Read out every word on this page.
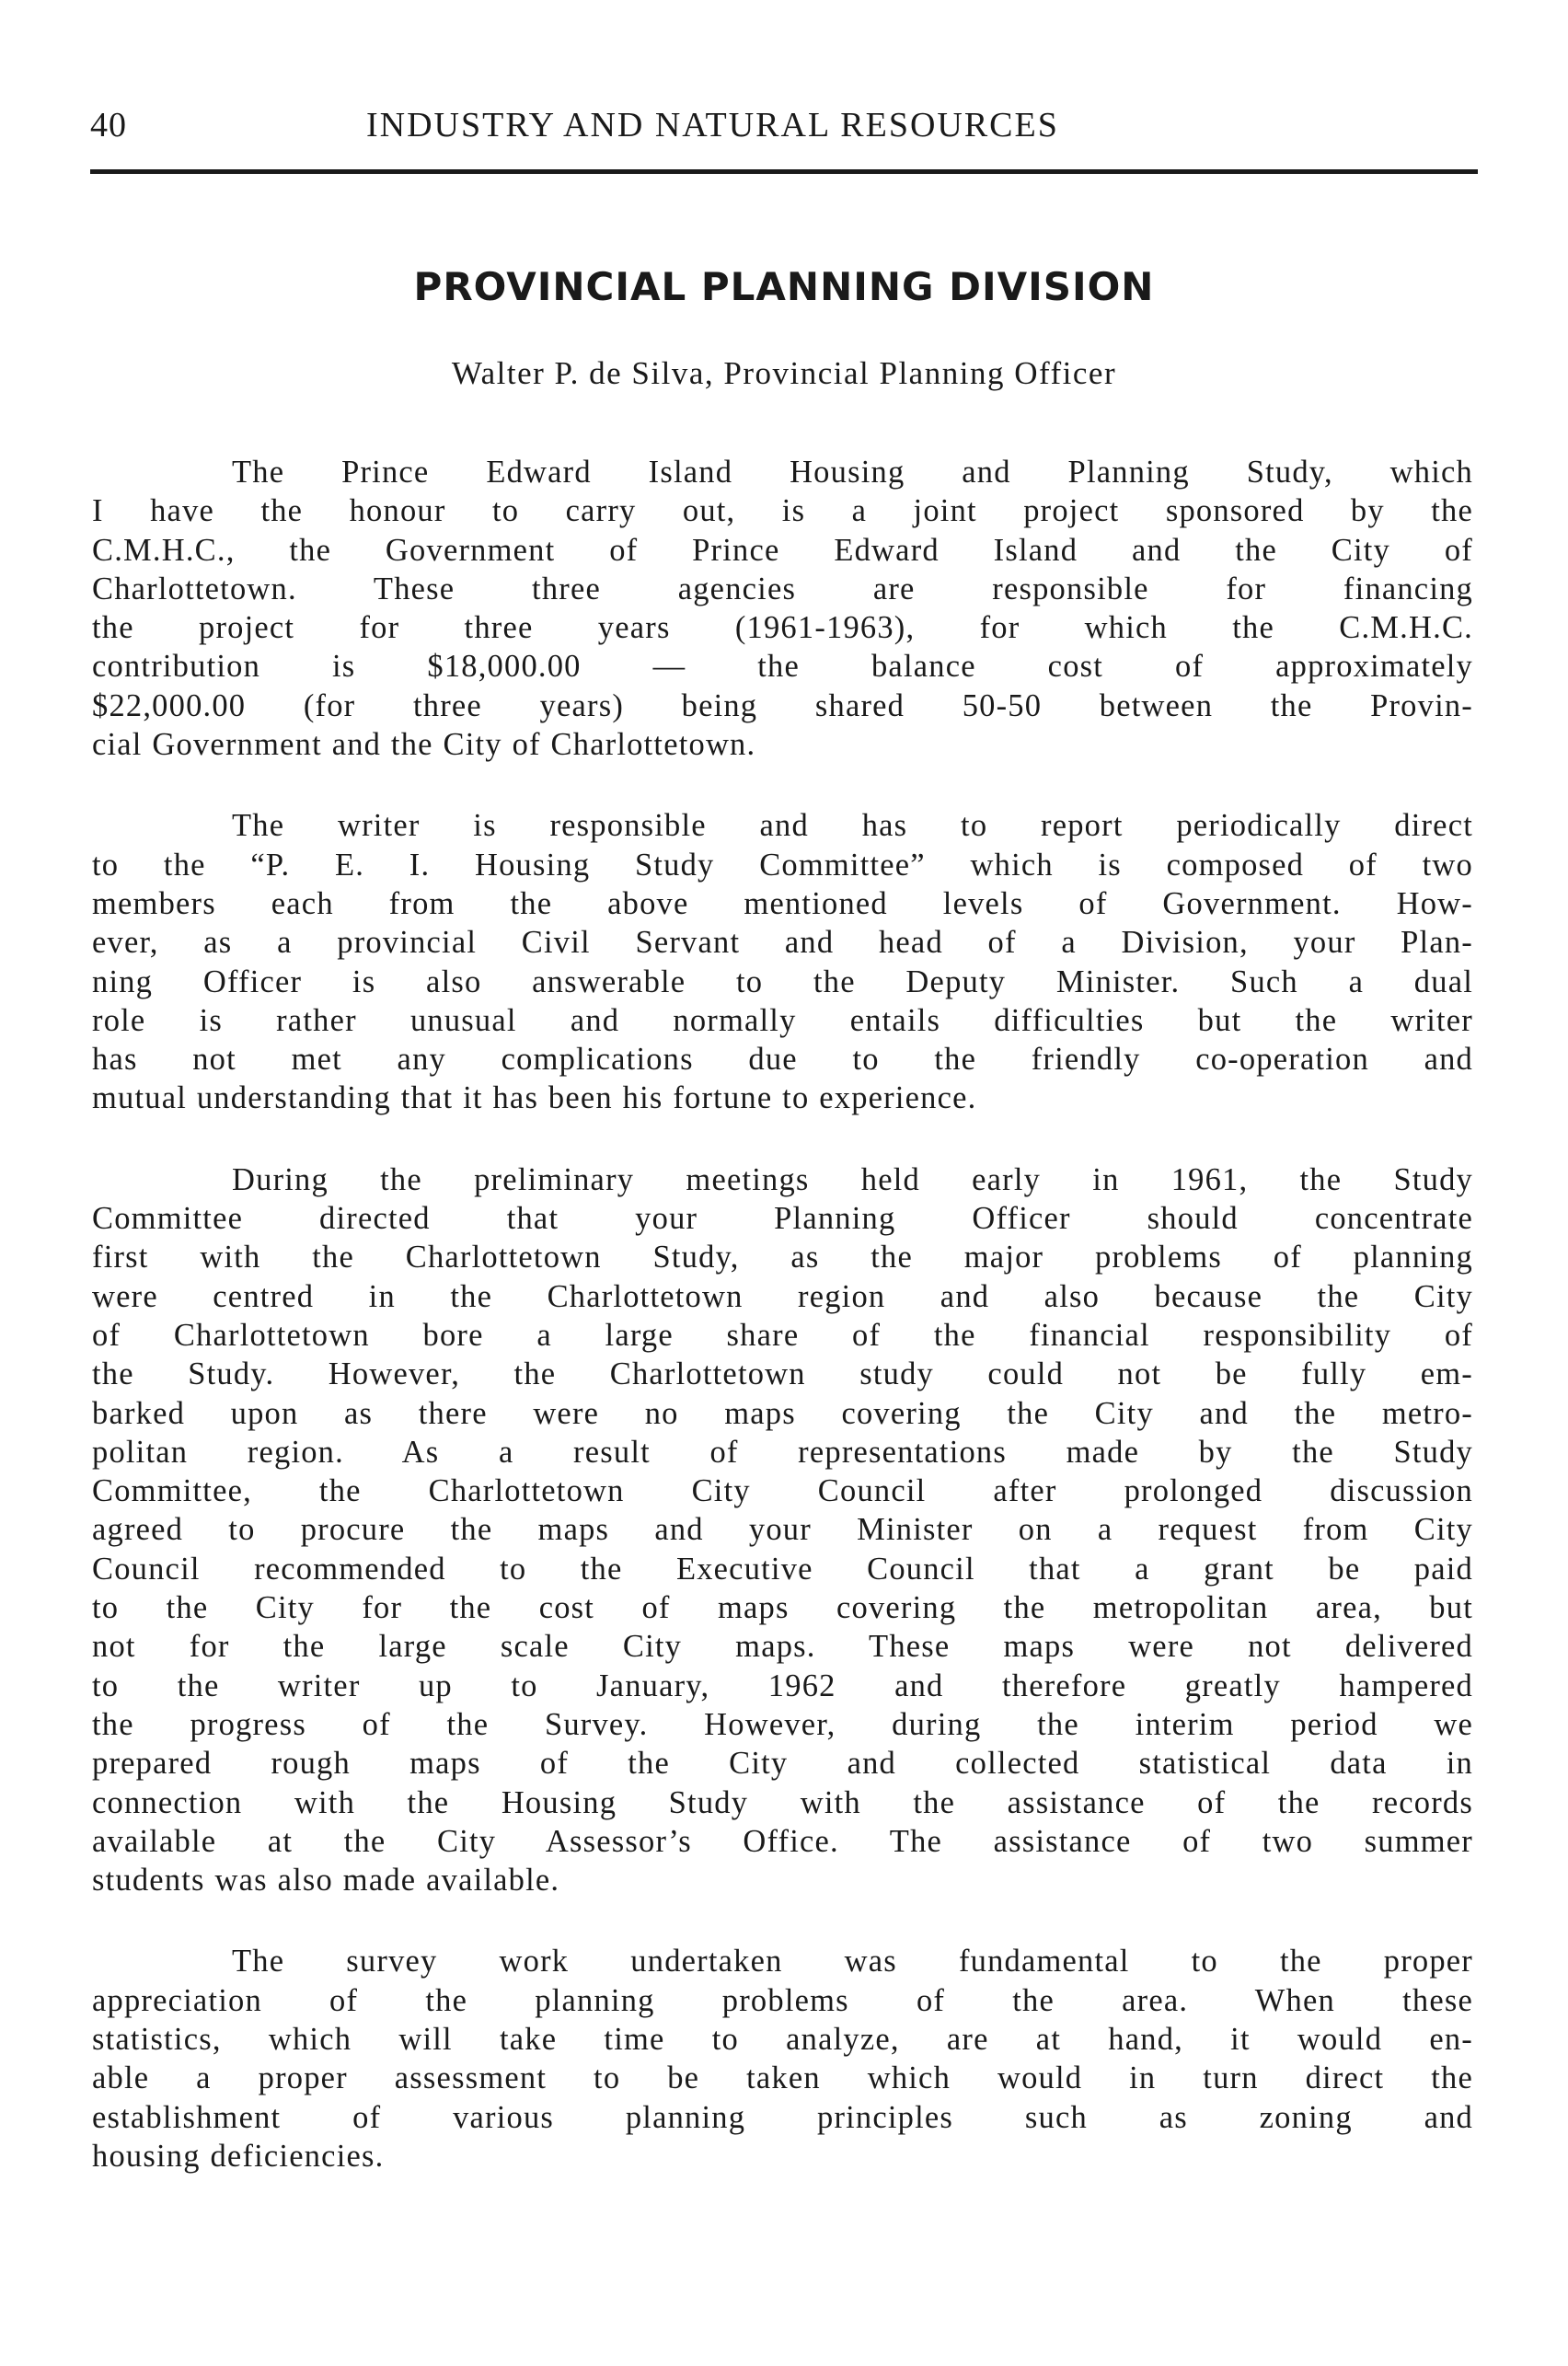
40	INDUSTRY AND NATURAL RESOURCES
PROVINCIAL PLANNING DIVISION
Walter P. de Silva, Provincial Planning Officer

The Prince Edward Island Housing and Planning Study, which
I have the honour to carry out, is a joint project sponsored by the
C.M.H.C., the Government of Prince Edward Island and the City of
Charlottetown. These three agencies are responsible for financing
the project for three years (1961-1963), for which the C.M.H.C.
contribution is $18,000.00 — the balance cost of approximately
$22,000.00 (for three years) being shared 50-50 between the Provin-
cial Government and the City of Charlottetown.

The writer is responsible and has to report periodically direct
to the “P. E. I. Housing Study Committee” which is composed of two
members each from the above mentioned levels of Government. How-
ever, as a provincial Civil Servant and head of a Division, your Plan-
ning Officer is also answerable to the Deputy Minister. Such a dual
role is rather unusual and normally entails difficulties but the writer
has not met any complications due to the friendly co-operation and
mutual understanding that it has been his fortune to experience.

During the preliminary meetings held early in 1961, the Study
Committee directed that your Planning Officer should concentrate
first with the Charlottetown Study, as the major problems of planning
were centred in the Charlottetown region and also because the City
of Charlottetown bore a large share of the financial responsibility of
the Study. However, the Charlottetown study could not be fully em-
barked upon as there were no maps covering the City and the metro-
politan region. As a result of representations made by the Study
Committee, the Charlottetown City Council after prolonged discussion
agreed to procure the maps and your Minister on a request from City
Council recommended to the Executive Council that a grant be paid
to the City for the cost of maps covering the metropolitan area, but
not for the large scale City maps. These maps were not delivered
to the writer up to January, 1962 and therefore greatly hampered
the progress of the Survey. However, during the interim period we
prepared rough maps of the City and collected statistical data in
connection with the Housing Study with the assistance of the records
available at the City Assessor’s Office. The assistance of two summer
students was also made available.

The survey work undertaken was fundamental to the proper
appreciation of the planning problems of the area. When these
statistics, which will take time to analyze, are at hand, it would en-
able a proper assessment to be taken which would in turn direct the
establishment of various planning principles such as zoning and
housing deficiencies.
